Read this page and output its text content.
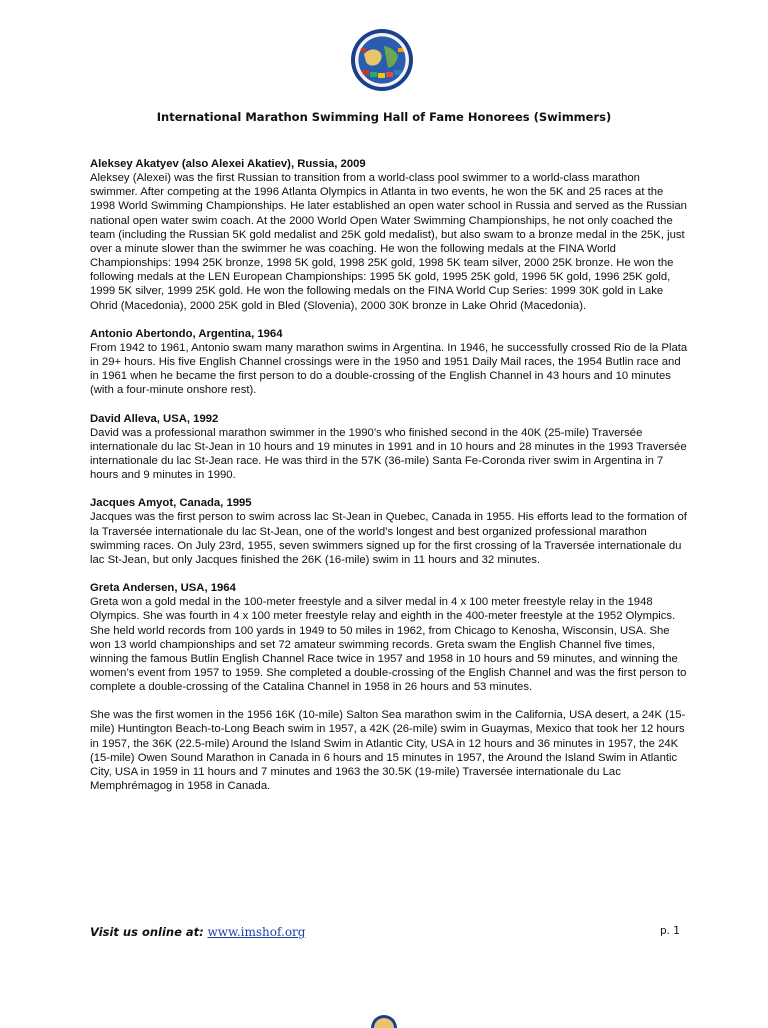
International Marathon Swimming Hall of Fame Honorees (Swimmers)
Aleksey Akatyev (also Alexei Akatiev), Russia, 2009
Aleksey (Alexei) was the first Russian to transition from a world-class pool swimmer to a world-class marathon swimmer. After competing at the 1996 Atlanta Olympics in Atlanta in two events, he won the 5K and 25 races at the 1998 World Swimming Championships. He later established an open water school in Russia and served as the Russian national open water swim coach. At the 2000 World Open Water Swimming Championships, he not only coached the team (including the Russian 5K gold medalist and 25K gold medalist), but also swam to a bronze medal in the 25K, just over a minute slower than the swimmer he was coaching. He won the following medals at the FINA World Championships: 1994 25K bronze, 1998 5K gold, 1998 25K gold, 1998 5K team silver, 2000 25K bronze. He won the following medals at the LEN European Championships: 1995 5K gold, 1995 25K gold, 1996 5K gold, 1996 25K gold, 1999 5K silver, 1999 25K gold. He won the following medals on the FINA World Cup Series: 1999 30K gold in Lake Ohrid (Macedonia), 2000 25K gold in Bled (Slovenia), 2000 30K bronze in Lake Ohrid (Macedonia).
Antonio Abertondo, Argentina, 1964
From 1942 to 1961, Antonio swam many marathon swims in Argentina. In 1946, he successfully crossed Rio de la Plata in 29+ hours. His five English Channel crossings were in the 1950 and 1951 Daily Mail races, the 1954 Butlin race and in 1961 when he became the first person to do a double-crossing of the English Channel in 43 hours and 10 minutes (with a four-minute onshore rest).
David Alleva, USA, 1992
David was a professional marathon swimmer in the 1990’s who finished second in the 40K (25-mile) Traversée internationale du lac St-Jean in 10 hours and 19 minutes in 1991 and in 10 hours and 28 minutes in the 1993 Traversée internationale du lac St-Jean race. He was third in the 57K (36-mile) Santa Fe-Coronda river swim in Argentina in 7 hours and 9 minutes in 1990.
Jacques Amyot, Canada, 1995
Jacques was the first person to swim across lac St-Jean in Quebec, Canada in 1955. His efforts lead to the formation of la Traversée internationale du lac St-Jean, one of the world’s longest and best organized professional marathon swimming races. On July 23rd, 1955, seven swimmers signed up for the first crossing of la Traversée internationale du lac St-Jean, but only Jacques finished the 26K (16-mile) swim in 11 hours and 32 minutes.
Greta Andersen, USA, 1964
Greta won a gold medal in the 100-meter freestyle and a silver medal in 4 x 100 meter freestyle relay in the 1948 Olympics. She was fourth in 4 x 100 meter freestyle relay and eighth in the 400-meter freestyle at the 1952 Olympics. She held world records from 100 yards in 1949 to 50 miles in 1962, from Chicago to Kenosha, Wisconsin, USA. She won 13 world championships and set 72 amateur swimming records. Greta swam the English Channel five times, winning the famous Butlin English Channel Race twice in 1957 and 1958 in 10 hours and 59 minutes, and winning the women’s event from 1957 to 1959. She completed a double-crossing of the English Channel and was the first person to complete a double-crossing of the Catalina Channel in 1958 in 26 hours and 53 minutes.
She was the first women in the 1956 16K (10-mile) Salton Sea marathon swim in the California, USA desert, a 24K (15-mile) Huntington Beach-to-Long Beach swim in 1957, a 42K (26-mile) swim in Guaymas, Mexico that took her 12 hours in 1957, the 36K (22.5-mile) Around the Island Swim in Atlantic City, USA in 12 hours and 36 minutes in 1957, the 24K (15-mile) Owen Sound Marathon in Canada in 6 hours and 15 minutes in 1957, the Around the Island Swim in Atlantic City, USA in 1959 in 11 hours and 7 minutes and 1963 the 30.5K (19-mile) Traversée internationale du Lac Memphrémagog in 1958 in Canada.
Visit us online at: www.imshof.org	p. 1
